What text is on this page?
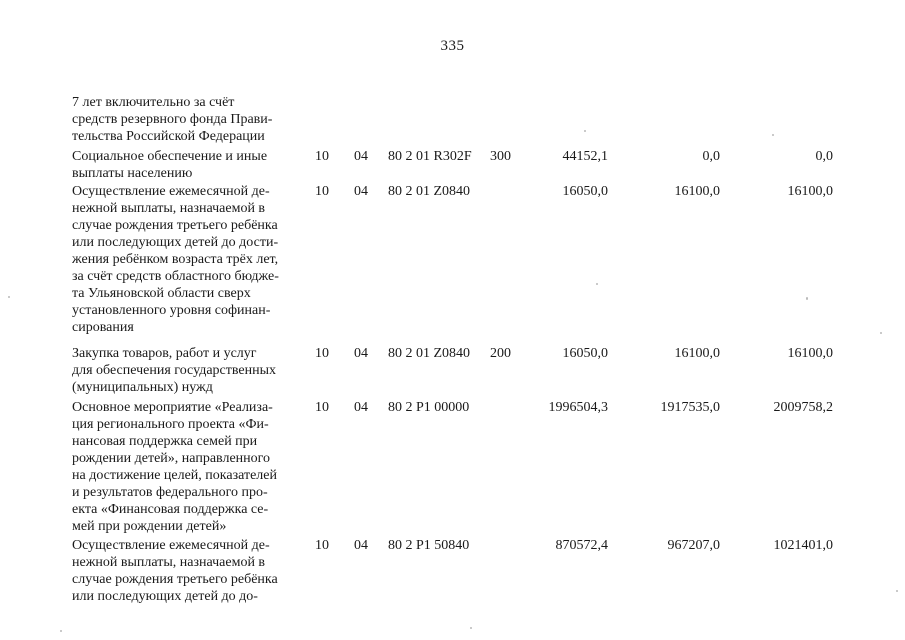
335
7 лет включительно за счёт
средств резервного фонда Прави-
тельства Российской Федерации
Социальное обеспечение и иные
выплаты населению
10 04 80 2 01 R302F 300	44152,1	0,0	0,0
Осуществление ежемесячной де-
нежной выплаты, назначаемой в
случае рождения третьего ребёнка
или последующих детей до дости-
жения ребёнком возраста трёх лет,
за счёт средств областного бюдже-
та Ульяновской области сверх
установленного уровня софинан-
сирования
10 04 80 2 01 Z0840	16050,0	16100,0	16100,0
Закупка товаров, работ и услуг
для обеспечения государственных
(муниципальных) нужд
10 04 80 2 01 Z0840 200	16050,0	16100,0	16100,0
Основное мероприятие «Реализа-
ция регионального проекта «Фи-
нансовая поддержка семей при
рождении детей», направленного
на достижение целей, показателей
и результатов федерального про-
екта «Финансовая поддержка се-
мей при рождении детей»
10 04 80 2 P1 00000	1996504,3	1917535,0	2009758,2
Осуществление ежемесячной де-
нежной выплаты, назначаемой в
случае рождения третьего ребёнка
или последующих детей до до-
10 04 80 2 P1 50840	870572,4	967207,0	1021401,0
